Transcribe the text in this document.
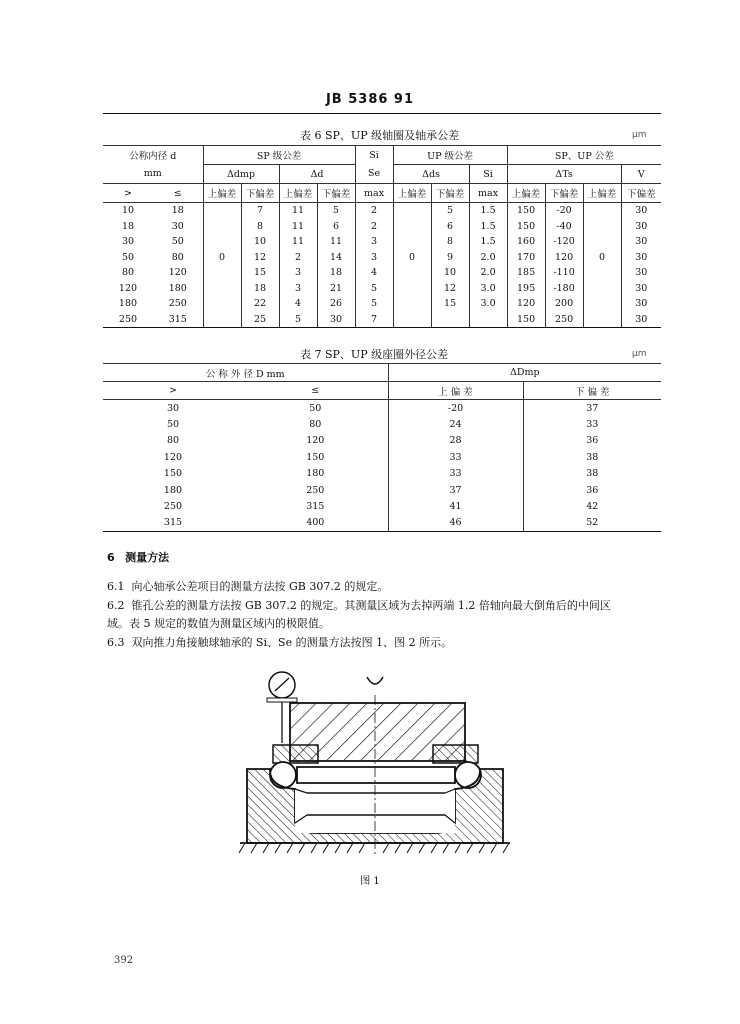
JB 5386 91
表 6 SP、UP 级轴圈及轴承公差	μm
公称内径 d		SP 级公差				Si	UP 级公差			SP、UP 公差			
mm		Δdmp		Δd		Se	Δds		Si	ΔTs			V
>	≤	上偏差	下偏差	上偏差	下偏差	max	上偏差	下偏差	max	上偏差	下偏差	上偏差	下偏差
10	18		7	11	5	2		5	1.5	150	-20		30
18	30		8	11	6	2		6	1.5	150	-40		30
30	50		10	11	11	3		8	1.5	160	-120		30
50	80	0	12	2	14	3	0	9	2.0	170	120	0	30
80	120		15	3	18	4		10	2.0	185	-110		30
120	180		18	3	21	5		12	3.0	195	-180		30
180	250		22	4	26	5		15	3.0	120	200		30
250	315		25	5	30	7				150	250		30
表 7 SP、UP 级座圈外径公差	μm
公 称 外 径 D mm		ΔDmp	
>	≤	上 偏 差	下 偏 差
30	50	-20	37
50	80	24	33
80	120	28	36
120	150	33	38
150	180	33	38
180	250	37	36
250	315	41	42
315	400	46	52
6 测量方法
6.1 向心轴承公差项目的测量方法按 GB 307.2 的规定。
6.2 锥孔公差的测量方法按 GB 307.2 的规定。其测量区域为去掉两端 1.2 倍轴向最大倒角后的中间区
域。表 5 规定的数值为测量区域内的极限值。
6.3 双向推力角接触球轴承的 Si、Se 的测量方法按图 1、图 2 所示。
图 1
392
